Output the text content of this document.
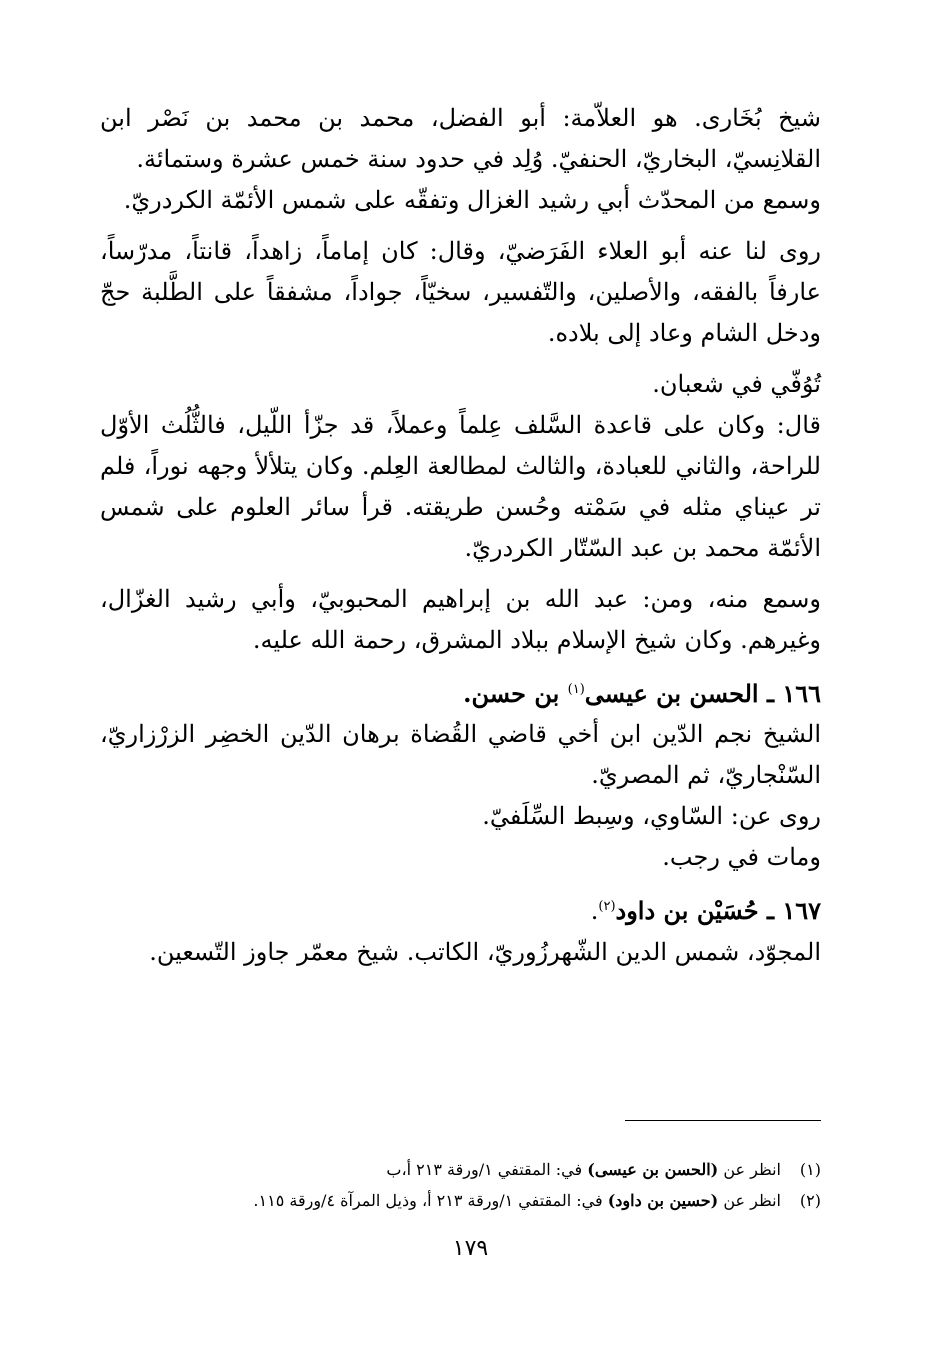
شيخ بُخَارى. هو العلاّمة: أبو الفضل، محمد بن محمد بن نَصْر ابن القلانِسيّ، البخاريّ، الحنفيّ. وُلِد في حدود سنة خمس عشرة وستمائة.

وسمع من المحدّث أبي رشيد الغزال وتفقّه على شمس الأئمّة الكردريّ.

روى لنا عنه أبو العلاء الفَرَضيّ، وقال: كان إماماً، زاهداً، قانتاً، مدرّساً، عارفاً بالفقه، والأصلين، والتّفسير، سخيّاً، جواداً، مشفقاً على الطَّلبة حجّ ودخل الشام وعاد إلى بلاده.

تُوُفّي في شعبان.

قال: وكان على قاعدة السَّلف عِلماً وعملاً، قد جزّأ اللّيل، فالثُّلُث الأوّل للراحة، والثاني للعبادة، والثالث لمطالعة العِلم. وكان يتلألأ وجهه نوراً، فلم تر عيناي مثله في سَمْته وحُسن طريقته. قرأ سائر العلوم على شمس الأئمّة محمد بن عبد السّتّار الكردريّ.

وسمع منه، ومن: عبد الله بن إبراهيم المحبوبيّ، وأبي رشيد الغزّال، وغيرهم. وكان شيخ الإسلام ببلاد المشرق، رحمة الله عليه.

١٦٦ ـ الحسن بن عيسى$^{(١)}$ بن حسن.

الشيخ نجم الدّين ابن أخي قاضي القُضاة برهان الدّين الخضِر الزرْزاريّ، السّنْجاريّ، ثم المصريّ.

روى عن: السّاوي، وسِبط السِّلَفيّ.

ومات في رجب.

١٦٧ ـ حُسَيْن بن داود$^{(٢)}$.

المجوّد، شمس الدين الشّهرزُوريّ، الكاتب. شيخ معمّر جاوز التّسعين.

(١)انظر عن (الحسن بن عيسى) في: المقتفي ١/ورقة ٢١٣ أ،ب
(٢)انظر عن (حسين بن داود) في: المقتفي ١/ورقة ٢١٣ أ، وذيل المرآة ٤/ورقة ١١٥.
١٧٩
